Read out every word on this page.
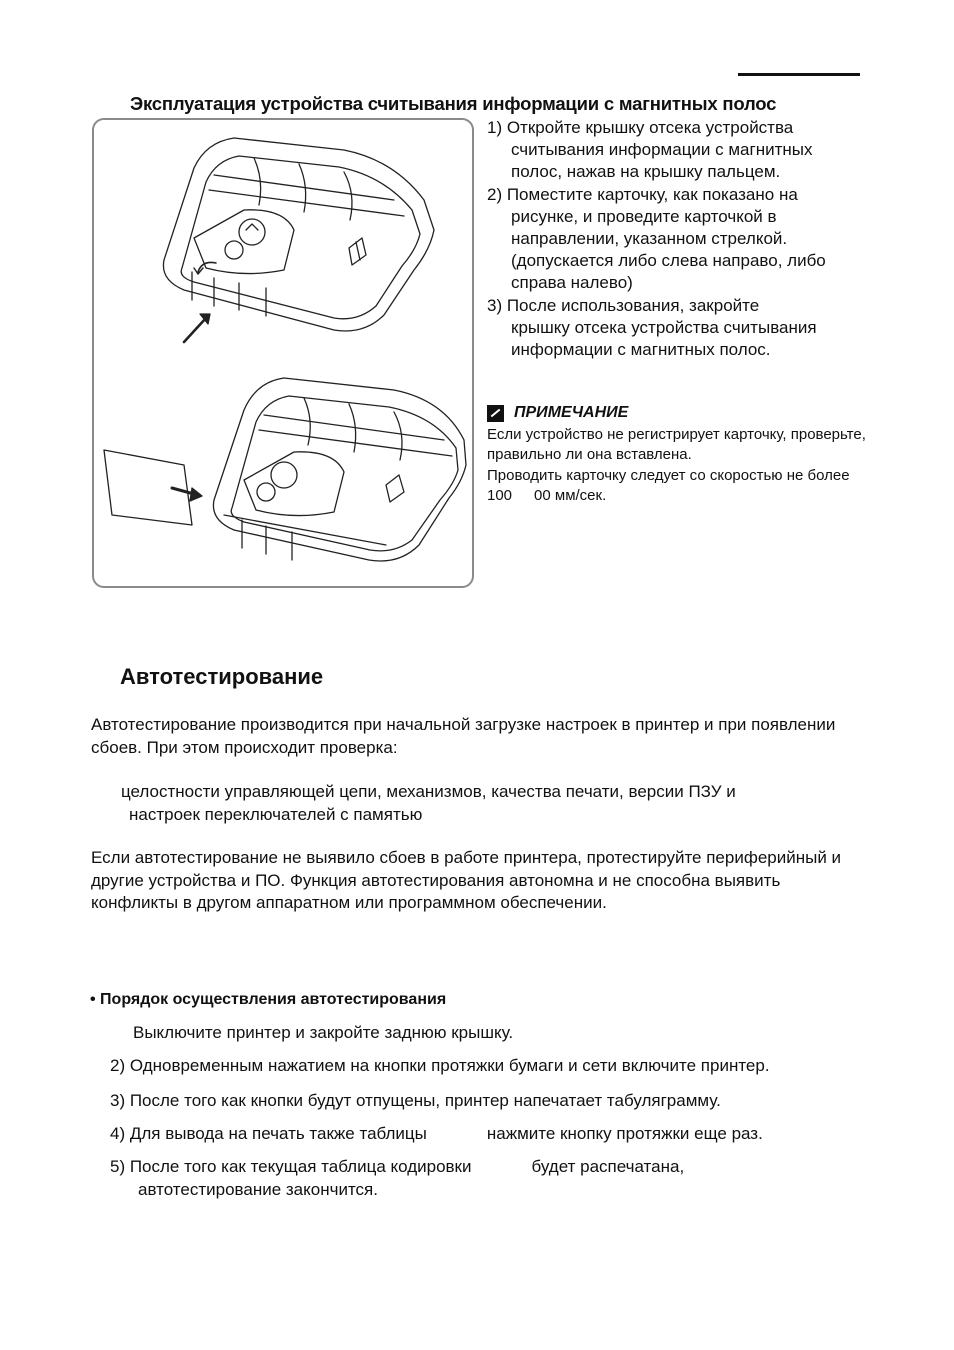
Эксплуатация устройства считывания информации с магнитных полос

1) Откройте крышку отсека устройства
считывания информации с магнитных полос, нажав на крышку пальцем.

2) Поместите карточку, как показано на
рисунке, и проведите карточкой в направлении, указанном стрелкой. (допускается либо слева направо, либо справа налево)

3) После использования, закройте
крышку отсека устройства считывания информации с магнитных полос.

ПРИМЕЧАНИЕ
Если устройство не регистрирует карточку, проверьте, правильно ли она вставлена.
Проводить карточку следует со скоростью не более 100 00 мм/сек.
Автотестирование
Автотестирование производится при начальной загрузке настроек в принтер и при появлении сбоев. При этом происходит проверка:
целостности управляющей цепи, механизмов, качества печати, версии ПЗУ и
настроек переключателей с памятью
Если автотестирование не выявило сбоев в работе принтера, протестируйте периферийный и другие устройства и ПО. Функция автотестирования автономна и не способна выявить конфликты в другом аппаратном или программном обеспечении.
• Порядок осуществления автотестирования
Выключите принтер и закройте заднюю крышку.
2) Одновременным нажатием на кнопки протяжки бумаги и сети включите принтер.
3) После того как кнопки будут отпущены, принтер напечатает табуляграмму.
4) Для вывода на печать также таблицы	нажмите кнопку протяжки еще раз.
5) После того как текущая таблица кодировки	будет распечатана,
автотестирование закончится.
